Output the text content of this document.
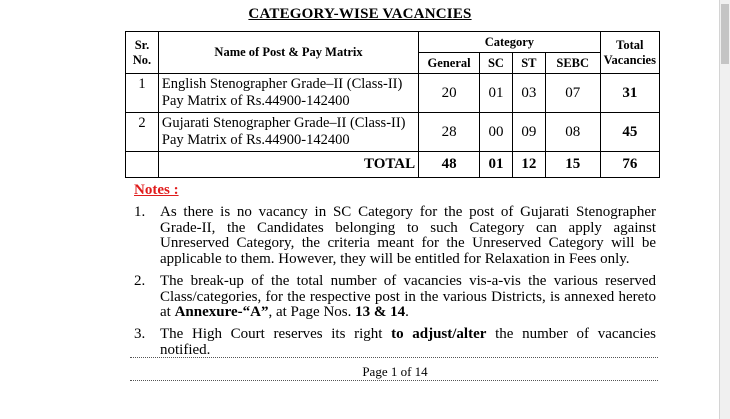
CATEGORY-WISE VACANCIES
Sr.
No.	Name of Post & Pay Matrix	Category				Total
Vacancies
		General	SC	ST	SEBC	
1	English Stenographer Grade–II (Class-II)
Pay Matrix of Rs.44900-142400	20	01	03	07	31
2	Gujarati Stenographer Grade–II (Class-II)
Pay Matrix of Rs.44900-142400	28	00	09	08	45
	TOTAL	48	01	12	15	76
Notes :
1. As there is no vacancy in SC Category for the post of Gujarati Stenographer Grade-II, the Candidates belonging to such Category can apply against Unreserved Category, the criteria meant for the Unreserved Category will be applicable to them. However, they will be entitled for Relaxation in Fees only.
2. The break-up of the total number of vacancies vis-a-vis the various reserved Class/categories, for the respective post in the various Districts, is annexed hereto at Annexure-“A”, at Page Nos. 13 & 14.
3. The High Court reserves its right to adjust/alter the number of vacancies notified.
Page 1 of 14
